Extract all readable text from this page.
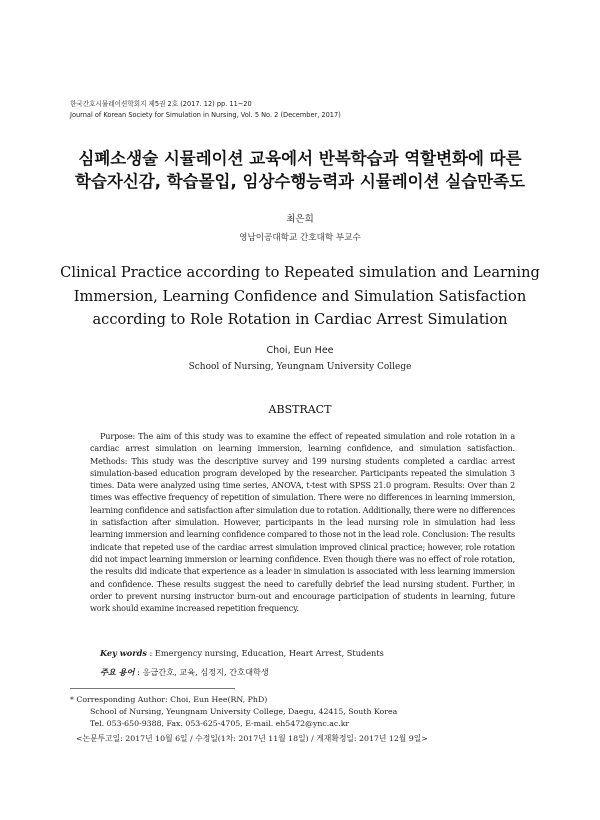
한국간호시뮬레이션학회지 제5권 2호 (2017. 12) pp. 11~20
Journal of Korean Society for Simulation in Nursing, Vol. 5 No. 2 (December, 2017)
심폐소생술 시뮬레이션 교육에서 반복학습과 역할변화에 따른
학습자신감, 학습몰입, 임상수행능력과 시뮬레이션 실습만족도
최은희
영남이공대학교 간호대학 부교수
Clinical Practice according to Repeated simulation and Learning
Immersion, Learning Confidence and Simulation Satisfaction
according to Role Rotation in Cardiac Arrest Simulation
Choi, Eun Hee
School of Nursing, Yeungnam University College
ABSTRACT

Purpose: The aim of this study was to examine the effect of repeated simulation and role rotation in a cardiac arrest simulation on learning immersion, learning confidence, and simulation satisfaction. Methods: This study was the descriptive survey and 199 nursing students completed a cardiac arrest simulation-based education program developed by the researcher. Participants repeated the simulation 3 times. Data were analyzed using time series, ANOVA, t-test with SPSS 21.0 program. Results: Over than 2 times was effective frequency of repetition of simulation. There were no differences in learning immersion, learning confidence and satisfaction after simulation due to rotation. Additionally, there were no differences in satisfaction after simulation. However, participants in the lead nursing role in simulation had less learning immersion and learning confidence compared to those not in the lead role. Conclusion: The results indicate that repeted use of the cardiac arrest simulation improved clinical practice; however, role rotation did not impact learning immersion or learning confidence. Even though there was no effect of role rotation, the results did indicate that experience as a leader in simulation is associated with less learning immersion and confidence. These results suggest the need to carefully debrief the lead nursing student. Further, in order to prevent nursing instructor burn-out and encourage participation of students in learning, future work should examine increased repetition frequency.

Key words : Emergency nursing, Education, Heart Arrest, Students
주요 용어 : 응급간호, 교육, 심정지, 간호대학생
* Corresponding Author: Choi, Eun Hee(RN, PhD)
School of Nursing, Yeungnam University College, Daegu, 42415, South Korea
Tel. 053-650-9388, Fax. 053-625-4705, E-mail. eh5472@ync.ac.kr
<논문투고일: 2017년 10월 6일 / 수정일(1차: 2017년 11월 18일) / 게재확정일: 2017년 12월 9일>
